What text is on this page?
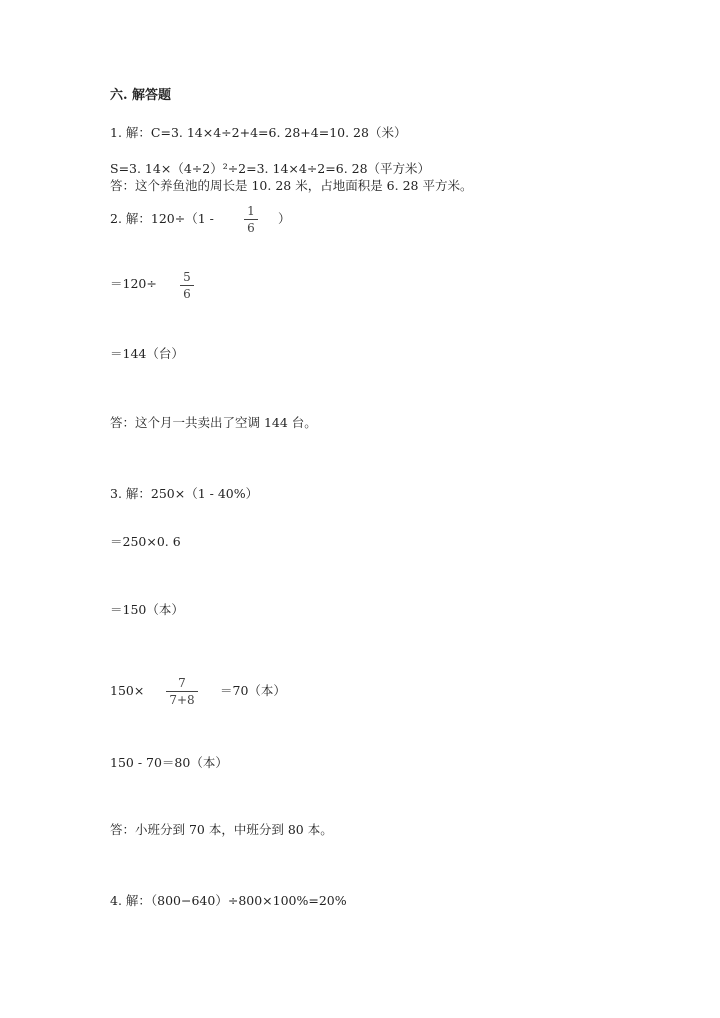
六. 解答题
1. 解：C=3. 14×4÷2+4=6. 28+4=10. 28（米）
S=3. 14×（4÷2）²÷2=3. 14×4÷2=6. 28（平方米）
答：这个养鱼池的周长是 10. 28 米，占地面积是 6. 28 平方米。
2. 解：120÷（1 -	1
6
）
＝120÷ 5
6
＝144（台）
答：这个月一共卖出了空调 144 台。
3. 解：250×（1 - 40%）
＝250×0. 6
＝150（本）
150×	7
7+8
＝70（本）
150 - 70＝80（本）
答：小班分到 70 本，中班分到 80 本。
4. 解：（800−640）÷800×100%=20%
